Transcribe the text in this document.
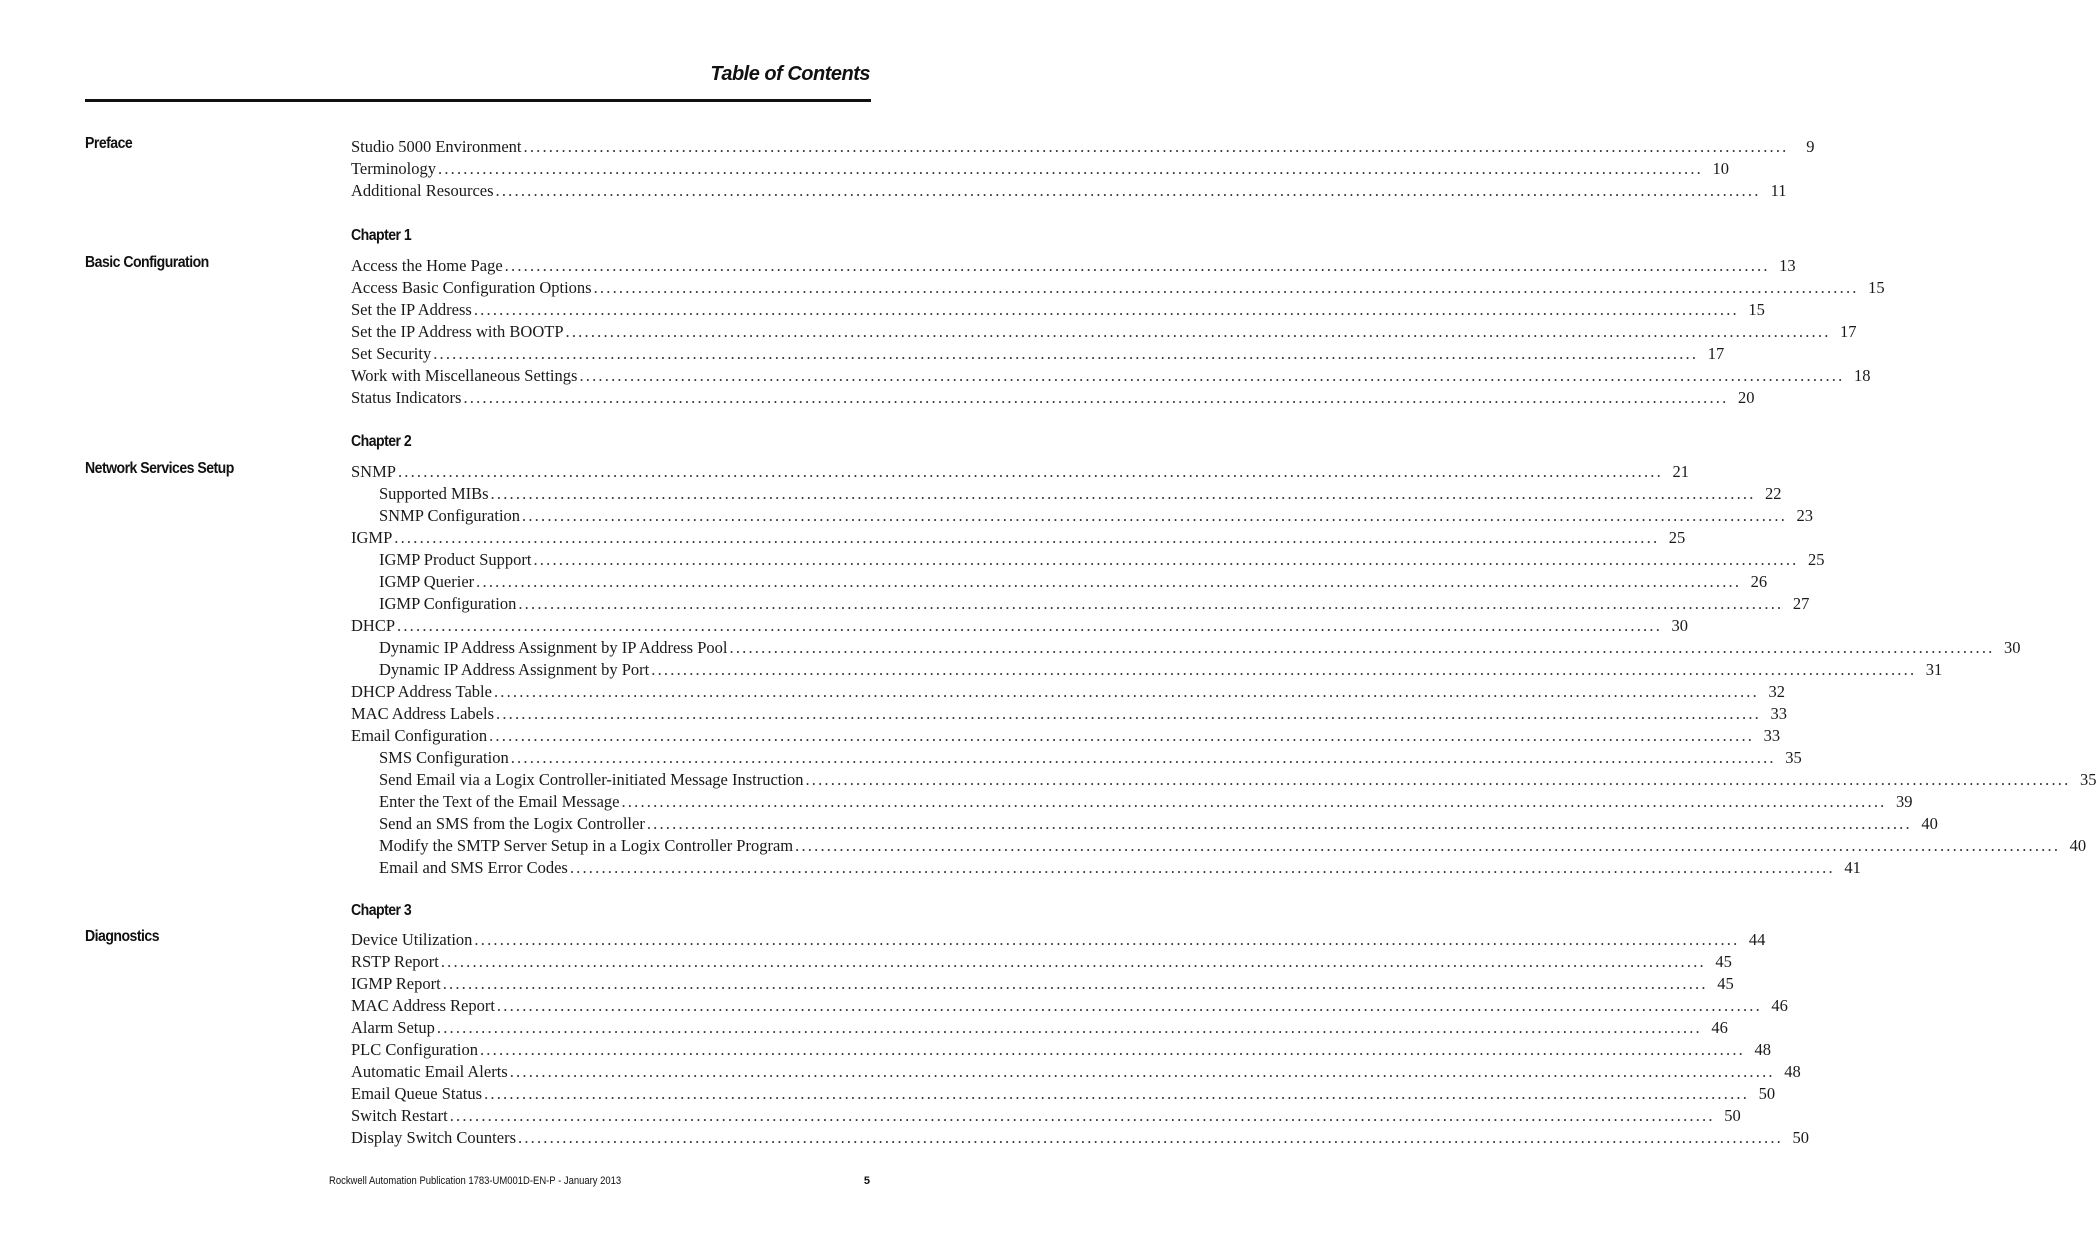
Table of Contents
Preface	Studio 5000 Environment ........................................................................................................................................................................................................	9
Terminology ........................................................................................................................................................................................................ 10
Additional Resources ........................................................................................................................................................................................................ 11
Chapter 1
Basic Configuration	Access the Home Page ........................................................................................................................................................................................................ 13
Access Basic Configuration Options ........................................................................................................................................................................................................ 15
Set the IP Address ........................................................................................................................................................................................................ 15
Set the IP Address with BOOTP ........................................................................................................................................................................................................ 17
Set Security ........................................................................................................................................................................................................ 17
Work with Miscellaneous Settings ........................................................................................................................................................................................................ 18
Status Indicators ........................................................................................................................................................................................................ 20
Chapter 2
Network Services Setup	SNMP ........................................................................................................................................................................................................ 21
Supported MIBs ........................................................................................................................................................................................................ 22
SNMP Configuration ........................................................................................................................................................................................................ 23
IGMP ........................................................................................................................................................................................................ 25
IGMP Product Support ........................................................................................................................................................................................................ 25
IGMP Querier ........................................................................................................................................................................................................ 26
IGMP Configuration ........................................................................................................................................................................................................ 27
DHCP ........................................................................................................................................................................................................ 30
Dynamic IP Address Assignment by IP Address Pool ........................................................................................................................................................................................................ 30
Dynamic IP Address Assignment by Port ........................................................................................................................................................................................................ 31
DHCP Address Table ........................................................................................................................................................................................................ 32
MAC Address Labels ........................................................................................................................................................................................................ 33
Email Configuration ........................................................................................................................................................................................................ 33
SMS Configuration ........................................................................................................................................................................................................ 35
Send Email via a Logix Controller-initiated Message Instruction ........................................................................................................................................................................................................ 35
Enter the Text of the Email Message ........................................................................................................................................................................................................ 39
Send an SMS from the Logix Controller ........................................................................................................................................................................................................ 40
Modify the SMTP Server Setup in a Logix Controller Program ........................................................................................................................................................................................................ 40
Email and SMS Error Codes ........................................................................................................................................................................................................ 41
Chapter 3
Diagnostics	Device Utilization ........................................................................................................................................................................................................ 44
RSTP Report ........................................................................................................................................................................................................ 45
IGMP Report ........................................................................................................................................................................................................ 45
MAC Address Report ........................................................................................................................................................................................................ 46
Alarm Setup ........................................................................................................................................................................................................ 46
PLC Configuration ........................................................................................................................................................................................................ 48
Automatic Email Alerts ........................................................................................................................................................................................................ 48
Email Queue Status ........................................................................................................................................................................................................ 50
Switch Restart ........................................................................................................................................................................................................ 50
Display Switch Counters ........................................................................................................................................................................................................ 50
Rockwell Automation Publication 1783-UM001D-EN-P - January 2013	5
